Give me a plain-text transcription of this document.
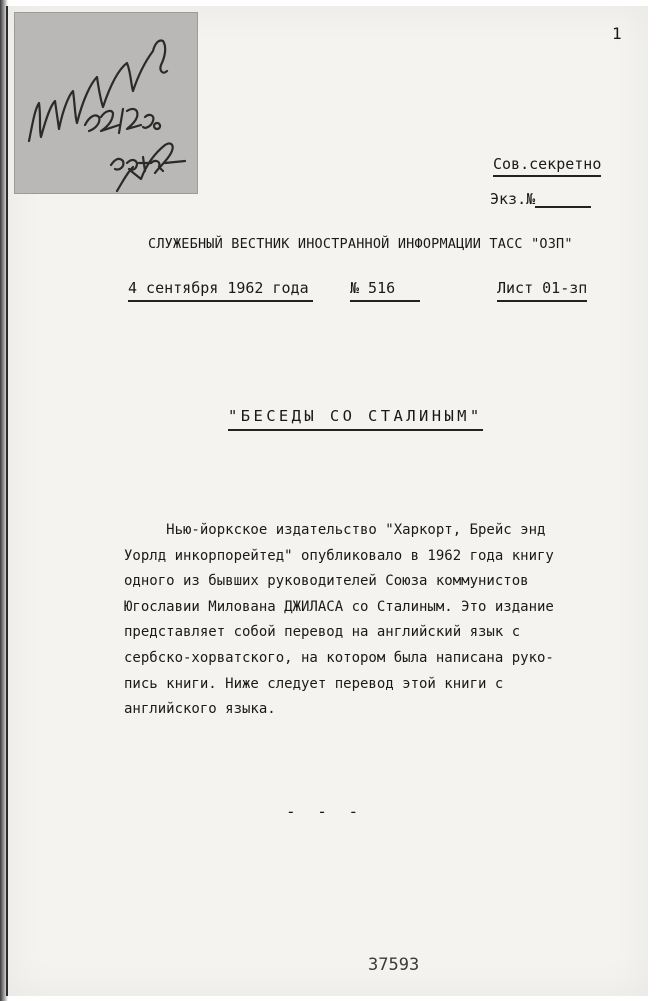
1
Сов.секретно
Экз.№
СЛУЖЕБНЫЙ ВЕСТНИК ИНОСТРАННОЙ ИНФОРМАЦИИ ТАСС "ОЗП"
4 сентября 1962 года	№ 516	Лист 01-зп
"БЕСЕДЫ СО СТАЛИНЫМ"

Нью-йоркское издательство "Харкорт, Брейс энд
Уорлд инкорпорейтед" опубликовало в 1962 года книгу
одного из бывших руководителей Союза коммунистов
Югославии Милована ДЖИЛАСА со Сталиным. Это издание
представляет собой перевод на английский язык с
сербско-хорватского, на котором была написана руко-
пись книги. Ниже следует перевод этой книги с
английского языка.

- - -
37593
